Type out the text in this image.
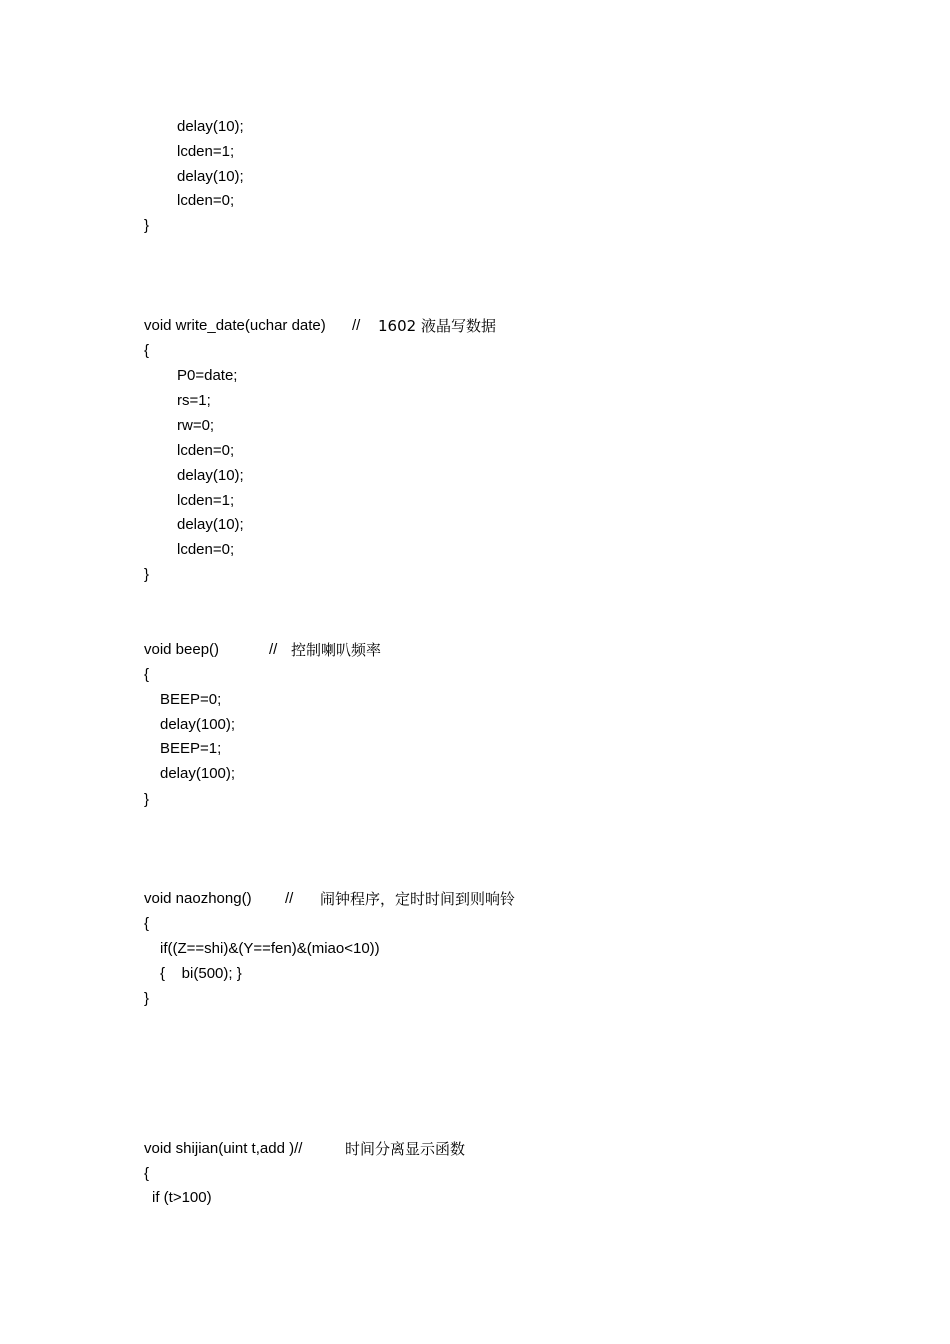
delay(10);
lcden=1;
delay(10);
lcden=0;
}
void write_date(uchar date) // 1602 液晶写数据
{
P0=date;
rs=1;
rw=0;
lcden=0;
delay(10);
lcden=1;
delay(10);
lcden=0;
}
void beep()	// 控制喇叭频率
{
BEEP=0;
delay(100);
BEEP=1;
delay(100);
}
void naozhong() // 闹钟程序，定时时间到则响铃
{
if((Z==shi)&(Y==fen)&(miao<10))
{    bi(500); }
}
void shijian(uint t,add )//	时间分离显示函数
{
if (t>100)
